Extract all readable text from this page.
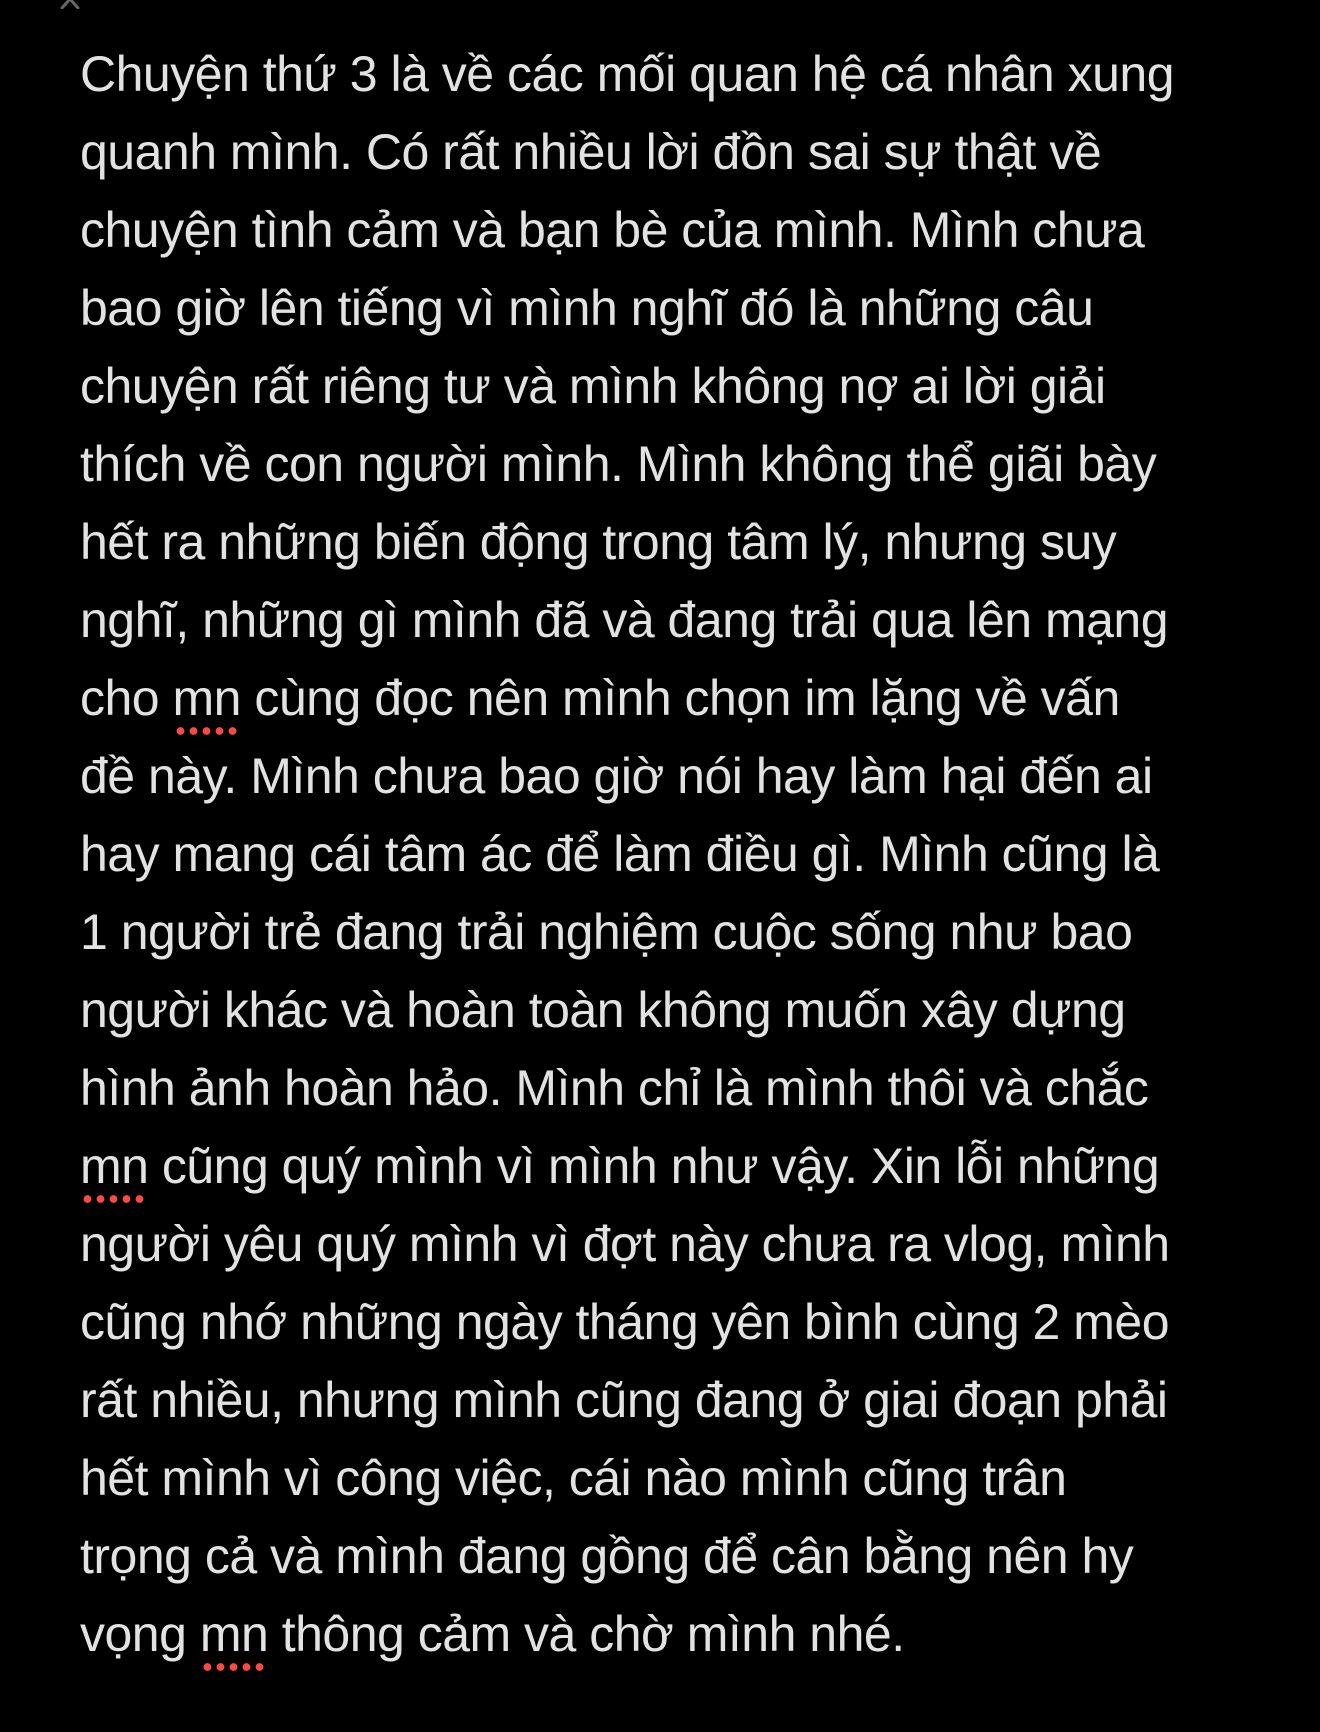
Chuyện thứ 3 là về các mối quan hệ cá nhân xung
quanh mình. Có rất nhiều lời đồn sai sự thật về
chuyện tình cảm và bạn bè của mình. Mình chưa
bao giờ lên tiếng vì mình nghĩ đó là những câu
chuyện rất riêng tư và mình không nợ ai lời giải
thích về con người mình. Mình không thể giãi bày
hết ra những biến động trong tâm lý, nhưng suy
nghĩ, những gì mình đã và đang trải qua lên mạng
cho mn cùng đọc nên mình chọn im lặng về vấn
đề này. Mình chưa bao giờ nói hay làm hại đến ai
hay mang cái tâm ác để làm điều gì. Mình cũng là
1 người trẻ đang trải nghiệm cuộc sống như bao
người khác và hoàn toàn không muốn xây dựng
hình ảnh hoàn hảo. Mình chỉ là mình thôi và chắc
mn cũng quý mình vì mình như vậy. Xin lỗi những
người yêu quý mình vì đợt này chưa ra vlog, mình
cũng nhớ những ngày tháng yên bình cùng 2 mèo
rất nhiều, nhưng mình cũng đang ở giai đoạn phải
hết mình vì công việc, cái nào mình cũng trân
trọng cả và mình đang gồng để cân bằng nên hy
vọng mn thông cảm và chờ mình nhé.
